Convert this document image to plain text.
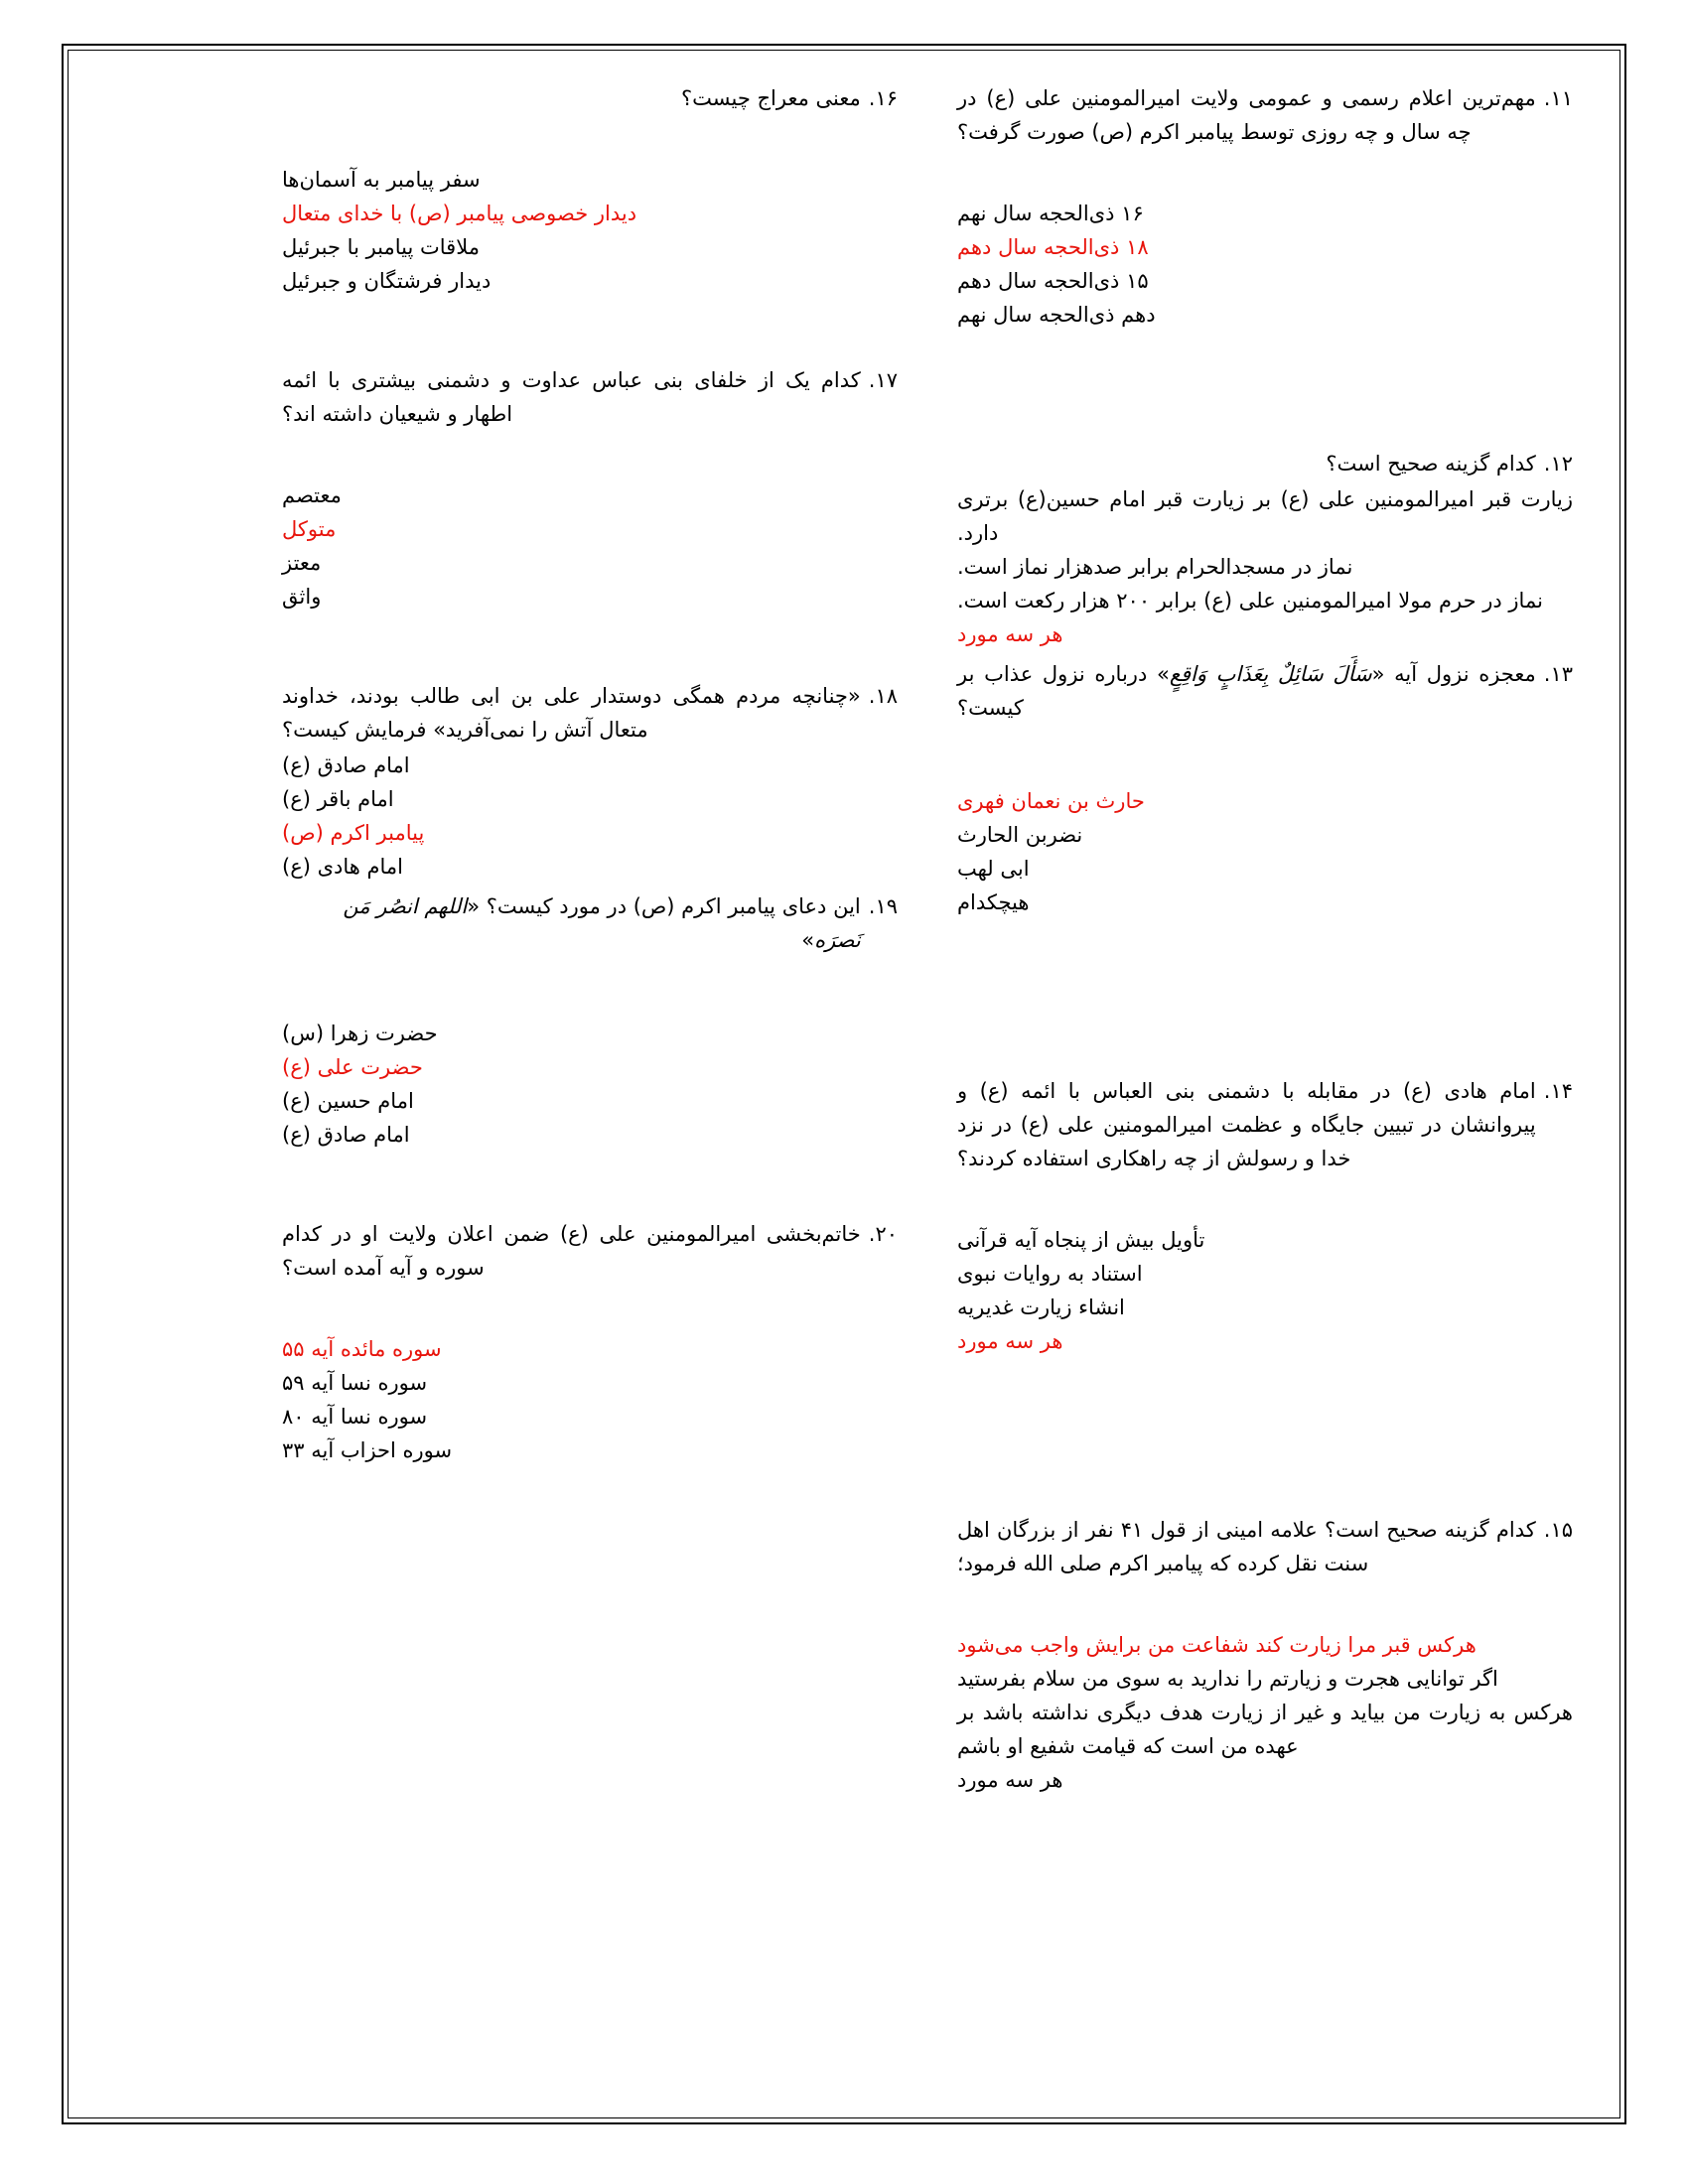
۱۱.
مهم‌ترین اعلام رسمی و عمومی ولایت امیرالمومنین علی (ع) در چه سال و چه روزی توسط پیامبر اکرم (ص) صورت گرفت؟
۱۶ ذی‌الحجه سال نهم
۱۸ ذی‌الحجه سال دهم
۱۵ ذی‌الحجه سال دهم
دهم ذی‌الحجه سال نهم
۱۲.
کدام گزینه صحیح است؟
زیارت قبر امیرالمومنین علی (ع) بر زیارت قبر امام حسین(ع) برتری دارد.
نماز در مسجدالحرام برابر صدهزار نماز است.
نماز در حرم مولا امیرالمومنین علی (ع) برابر ۲۰۰ هزار رکعت است.
هر سه مورد
۱۳.
معجزه نزول آیه «سَأَلَ سَائِلٌ بِعَذَابٍ وَاقِعٍ» درباره نزول عذاب بر کیست؟
حارث بن نعمان فهری
نضربن الحارث
ابی لهب
هیچکدام
۱۴.
امام هادی (ع) در مقابله با دشمنی بنی العباس با ائمه (ع) و پیروانشان در تبیین جایگاه و عظمت امیرالمومنین علی (ع) در نزد خدا و رسولش از چه راهکاری استفاده کردند؟
تأویل بیش از پنجاه آیه قرآنی
استناد به روایات نبوی
انشاء زیارت غدیریه
هر سه مورد
۱۵.
کدام گزینه صحیح است؟ علامه امینی از قول ۴۱ نفر از بزرگان اهل سنت نقل کرده که پیامبر اکرم صلی الله فرمود؛
هرکس قبر مرا زیارت کند شفاعت من برایش واجب می‌شود
اگر توانایی هجرت و زیارتم را ندارید به سوی من سلام بفرستید
هرکس به زیارت من بیاید و غیر از زیارت هدف دیگری نداشته باشد بر عهده من است که قیامت شفیع او باشم
هر سه مورد
۱۶.
معنی معراج چیست؟
سفر پیامبر به آسمان‌ها
دیدار خصوصی پیامبر (ص) با خدای متعال
ملاقات پیامبر با جبرئیل
دیدار فرشتگان و جبرئیل
۱۷.
کدام یک از خلفای بنی عباس عداوت و دشمنی بیشتری با ائمه اطهار و شیعیان داشته اند؟
معتصم
متوکل
معتز
واثق
۱۸.
«چنانچه مردم همگی دوستدار علی بن ابی طالب بودند، خداوند متعال آتش را نمی‌آفرید» فرمایش کیست؟
امام صادق (ع)
امام باقر (ع)
پیامبر اکرم (ص)
امام هادی (ع)
۱۹.
این دعای پیامبر اکرم (ص) در مورد کیست؟ «اللهم انصُر مَن نَصرَه»
حضرت زهرا (س)
حضرت علی (ع)
امام حسین (ع)
امام صادق (ع)
۲۰.
خاتم‌بخشی امیرالمومنین علی (ع) ضمن اعلان ولایت او در کدام سوره و آیه آمده است؟
سوره مائده آیه ۵۵
سوره نسا آیه ۵۹
سوره نسا آیه ۸۰
سوره احزاب آیه ۳۳
